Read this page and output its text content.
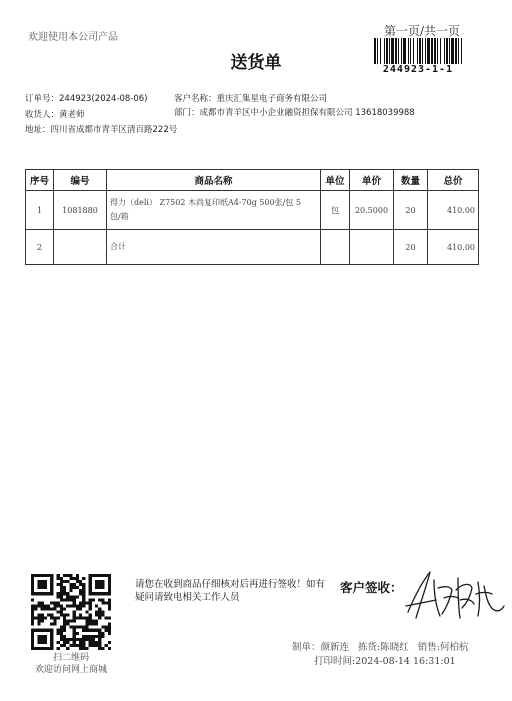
欢迎使用本公司产品	第一页/共一页
送货单	244923-1-1
订单号：244923(2024-08-06)	客户名称：重庆汇集星电子商务有限公司
收货人：黄老师	部门：成都市青羊区中小企业融资担保有限公司 13618039988
地址：四川省成都市青羊区清百路222号
序号	编号	商品名称	单位	单价	数量	总价
1	1081880	得力（deli） Z7502 木尚复印纸A4-70g 500张/包 5
包/箱	包	20.5000	20	410.00
2		合计			20	410.00
扫二维码
欢迎访问网上商城
请您在收到商品仔细核对后再进行签收！如有疑问请致电相关工作人员
客户签收：
制单：颜新连 拣货:陈晓红 销售:何柏杭
打印时间:2024-08-14 16:31:01
